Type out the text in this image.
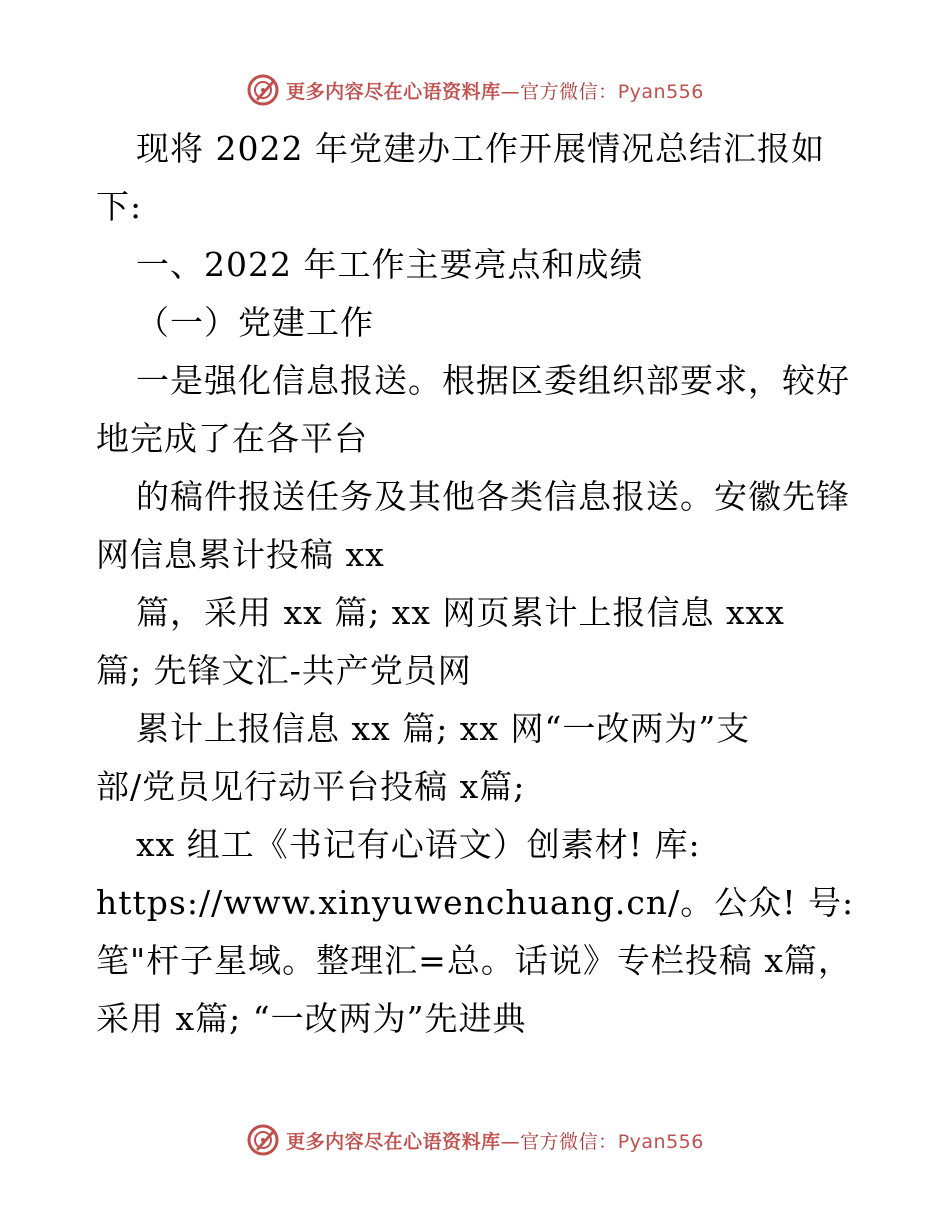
更多内容尽在心语资料库—官方微信：Pyan556
现将 2022 年党建办工作开展情况总结汇报如
下:
一、2022 年工作主要亮点和成绩
（一）党建工作
一是强化信息报送。根据区委组织部要求，较好
地完成了在各平台
的稿件报送任务及其他各类信息报送。安徽先锋
网信息累计投稿 xx
篇，采用 xx 篇; xx 网页累计上报信息 xxx
篇; 先锋文汇-共产党员网
累计上报信息 xx 篇; xx 网“一改两为”支
部/党员见行动平台投稿 x篇;
xx 组工《书记有心语文）创素材! 库:
https://www.xinyuwenchuang.cn/。公众! 号:
笔"杆子星域。整理汇=总。话说》专栏投稿 x篇，
采用 x篇; “一改两为”先进典
更多内容尽在心语资料库—官方微信：Pyan556
